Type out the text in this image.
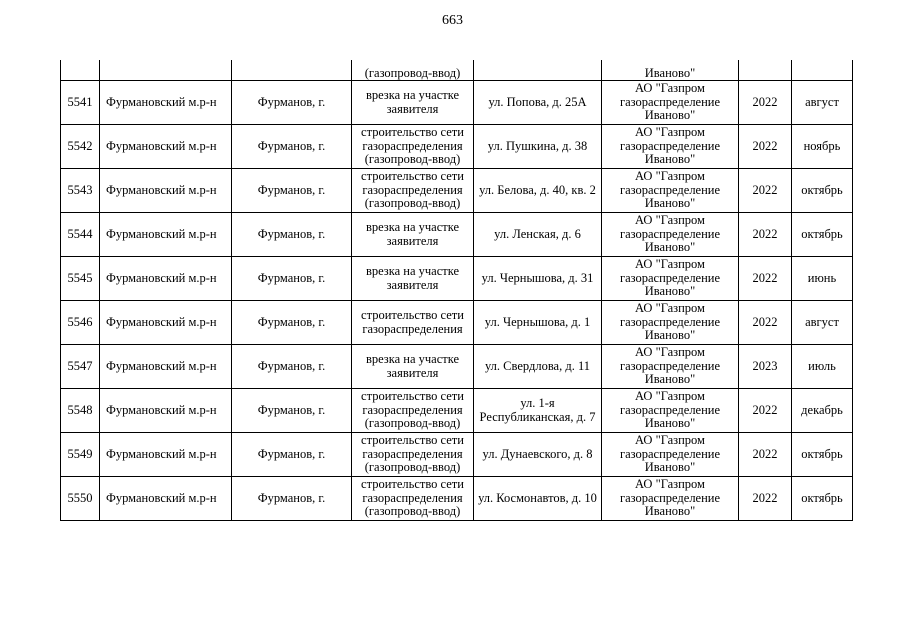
663
			(газопровод-ввод)		Иваново"		
5541	Фурмановский м.р-н	Фурманов, г.	врезка на участке заявителя	ул. Попова, д. 25А	АО "Газпром газораспределение Иваново"	2022	август
5542	Фурмановский м.р-н	Фурманов, г.	строительство сети газораспределения (газопровод-ввод)	ул. Пушкина, д. 38	АО "Газпром газораспределение Иваново"	2022	ноябрь
5543	Фурмановский м.р-н	Фурманов, г.	строительство сети газораспределения (газопровод-ввод)	ул. Белова, д. 40, кв. 2	АО "Газпром газораспределение Иваново"	2022	октябрь
5544	Фурмановский м.р-н	Фурманов, г.	врезка на участке заявителя	ул. Ленская, д. 6	АО "Газпром газораспределение Иваново"	2022	октябрь
5545	Фурмановский м.р-н	Фурманов, г.	врезка на участке заявителя	ул. Чернышова, д. 31	АО "Газпром газораспределение Иваново"	2022	июнь
5546	Фурмановский м.р-н	Фурманов, г.	строительство сети газораспределения	ул. Чернышова, д. 1	АО "Газпром газораспределение Иваново"	2022	август
5547	Фурмановский м.р-н	Фурманов, г.	врезка на участке заявителя	ул. Свердлова, д. 11	АО "Газпром газораспределение Иваново"	2023	июль
5548	Фурмановский м.р-н	Фурманов, г.	строительство сети газораспределения (газопровод-ввод)	ул. 1-я Республиканская, д. 7	АО "Газпром газораспределение Иваново"	2022	декабрь
5549	Фурмановский м.р-н	Фурманов, г.	строительство сети газораспределения (газопровод-ввод)	ул. Дунаевского, д. 8	АО "Газпром газораспределение Иваново"	2022	октябрь
5550	Фурмановский м.р-н	Фурманов, г.	строительство сети газораспределения (газопровод-ввод)	ул. Космонавтов, д. 10	АО "Газпром газораспределение Иваново"	2022	октябрь
